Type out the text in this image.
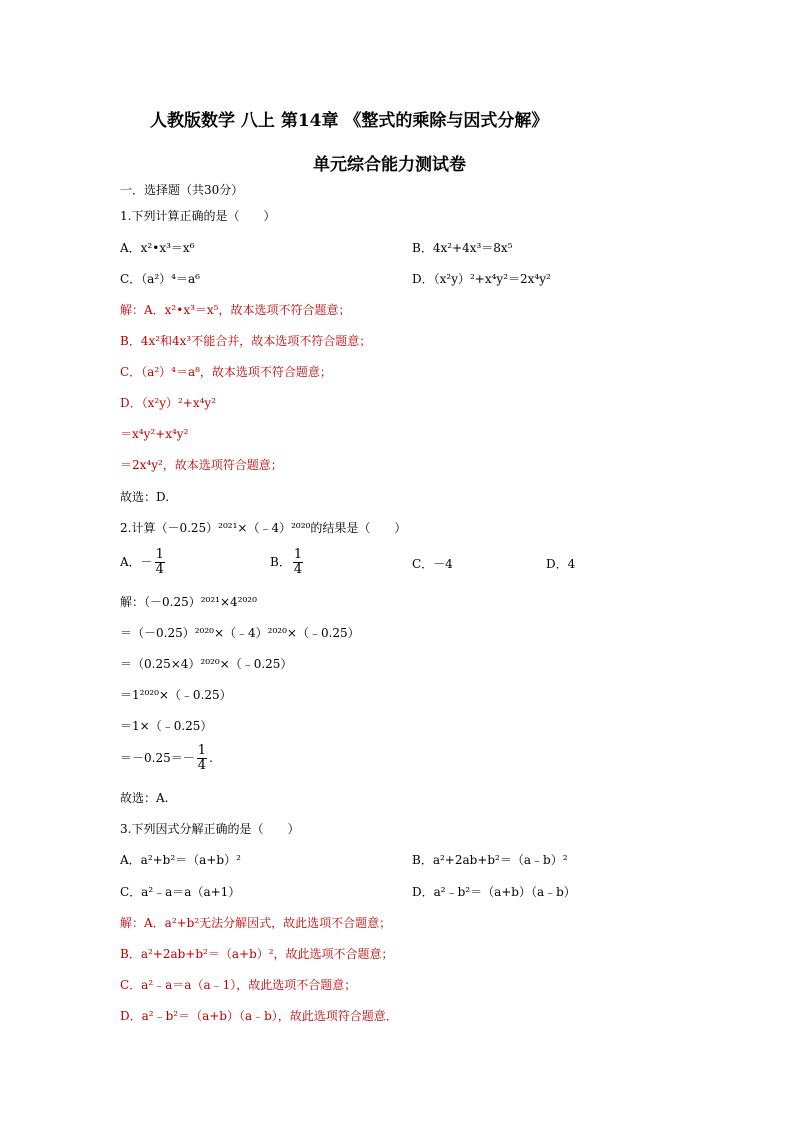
人教版数学 八上 第14章 《整式的乘除与因式分解》
单元综合能力测试卷
一．选择题（共30分）
1.下列计算正确的是（　　）
A．x²•x³＝x⁶	B．4x²+4x³＝8x⁵
C．（a²）⁴＝a⁶	D．（x²y）²+x⁴y²＝2x⁴y²
解：A．x²•x³＝x⁵，故本选项不符合题意；
B．4x²和4x³不能合并，故本选项不符合题意；
C．（a²）⁴＝a⁸，故本选项不符合题意；
D．（x²y）²+x⁴y²
＝x⁴y²+x⁴y²
＝2x⁴y²，故本选项符合题意；
故选：D.
2.计算（－0.25）²⁰²¹×（﹣4）²⁰²⁰的结果是（　　）
A．－ $\frac{1}{4}$	B． $\frac{1}{4}$	C．－4	D．4
解：（－0.25）²⁰²¹×4²⁰²⁰
＝（－0.25）²⁰²⁰×（﹣4）²⁰²⁰×（﹣0.25）
＝（0.25×4）²⁰²⁰×（﹣0.25）
＝1²⁰²⁰×（﹣0.25）
＝1×（﹣0.25）
$=-0.25=- \frac{1}{4}$ .
故选：A.
3.下列因式分解正确的是（　　）
A．a²+b²＝（a+b）²	B．a²+2ab+b²＝（a﹣b）²
C．a²﹣a＝a（a+1）	D．a²﹣b²＝（a+b）（a﹣b）
解：A．a²+b²无法分解因式，故此选项不合题意；
B．a²+2ab+b²＝（a+b）²，故此选项不合题意；
C．a²﹣a＝a（a﹣1），故此选项不合题意；
D．a²﹣b²＝（a+b）（a﹣b），故此选项符合题意．
